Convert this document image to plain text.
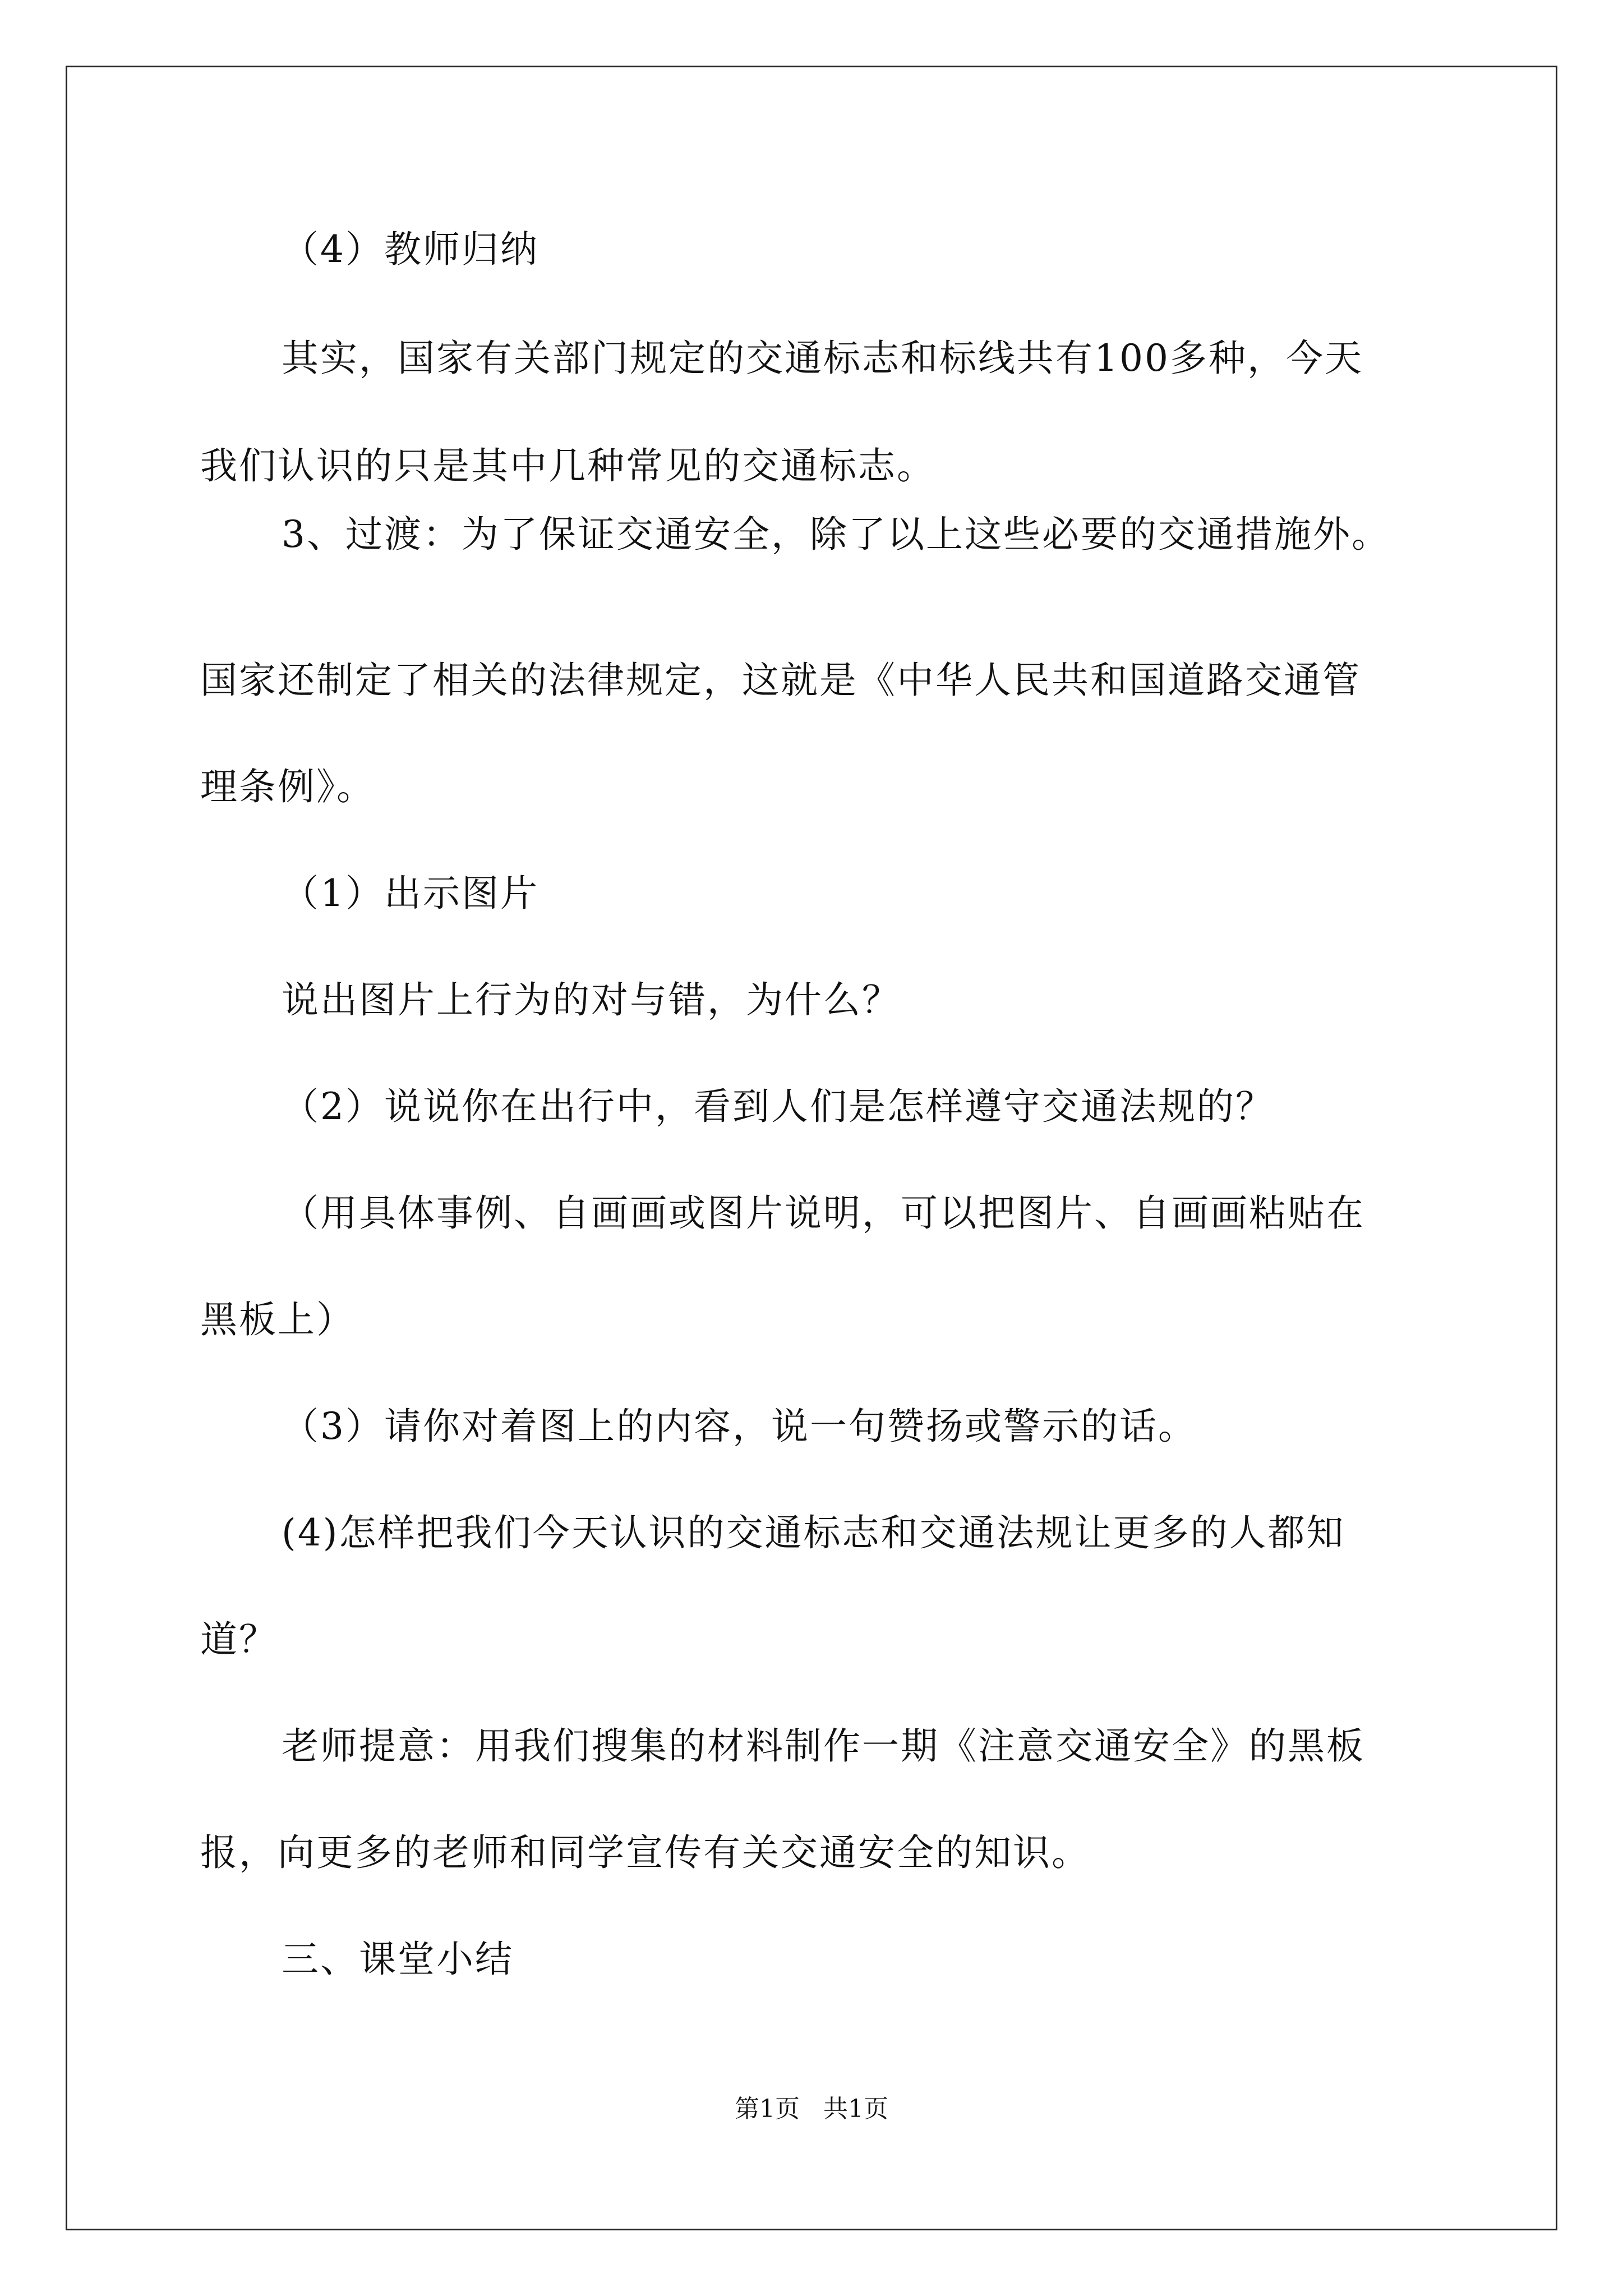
（4）教师归纳
其实，国家有关部门规定的交通标志和标线共有100多种，今天
我们认识的只是其中几种常见的交通标志。
3、过渡：为了保证交通安全，除了以上这些必要的交通措施外。
国家还制定了相关的法律规定，这就是《中华人民共和国道路交通管
理条例》。
（1）出示图片
说出图片上行为的对与错，为什么？
（2）说说你在出行中，看到人们是怎样遵守交通法规的？
（用具体事例、自画画或图片说明，可以把图片、自画画粘贴在
黑板上）
（3）请你对着图上的内容，说一句赞扬或警示的话。
(4)怎样把我们今天认识的交通标志和交通法规让更多的人都知
道？
老师提意：用我们搜集的材料制作一期《注意交通安全》的黑板
报，向更多的老师和同学宣传有关交通安全的知识。
三、课堂小结
第1页   共1页
